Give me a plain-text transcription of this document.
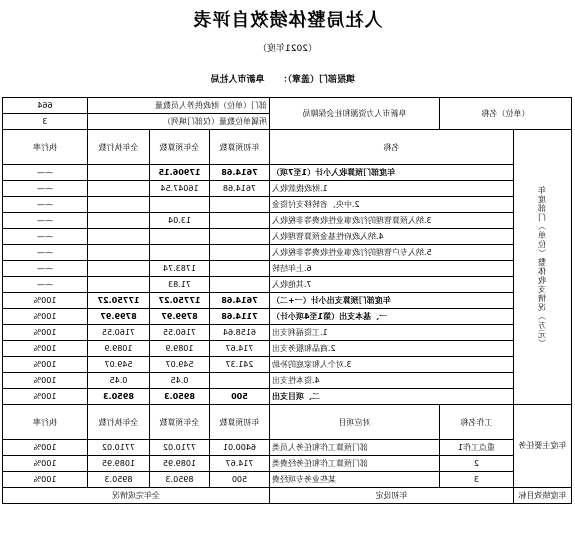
人社局整体绩效自评表
（2021年度）
填报部门（盖章）：阜新市人社局
（单位）名称		阜新市人力资源和社会保障局	部门（单位）财政供养人员数量			664
			所属单位数量（仅部门填列）			3
年度部门（单位）整体收支情况（万元）	名称		年初预算数	全年预算数	全年执行数	执行率
	年度部门预算收入小计（1至7项）		7614.68	17906.15		——
	1.财政拨款收入		7614.68	16047.54		——
	2.中央、省转移支付资金					——
	3.纳入预算管理的行政事业性收费等非税收入			13.04		——
	4.纳入政府性基金预算管理收入					——
	5.纳入专户管理的行政事业性收费等非税收入					——
	6.上年结转			1783.74		——
	7.其他收入			71.83		——
	年度部门预算支出小计（一+二）		7614.68	17750.27	17750.27	100%
	一、基本支出（第1至4项小计）		7114.68	8799.97	8799.97	100%
	1.工资福利支出		6158.64	7160.55	7160.55	100%
	2.商品和服务支出		714.67	1089.9	1089.9	100%
	3.对个人和家庭的补助		241.37	549.07	549.07	100%
	4.资本性支出			0.45	0.45	100%
	二、项目支出		500	8950.3	8950.3	100%
年度主要任务	工作名称	对应项目	年初预算数	全年预算数	全年执行数	执行率
	重点工作1	部门预算工作和任务人员类	6400.01	7710.02	7710.02	100%
	2	部门预算工作和任务经费类	714.67	1089.95	1089.95	100%
	3	某些业务专项经费	500	8950.3	8950.3	100%
年度绩效目标	年初设定		全年完成情况			
